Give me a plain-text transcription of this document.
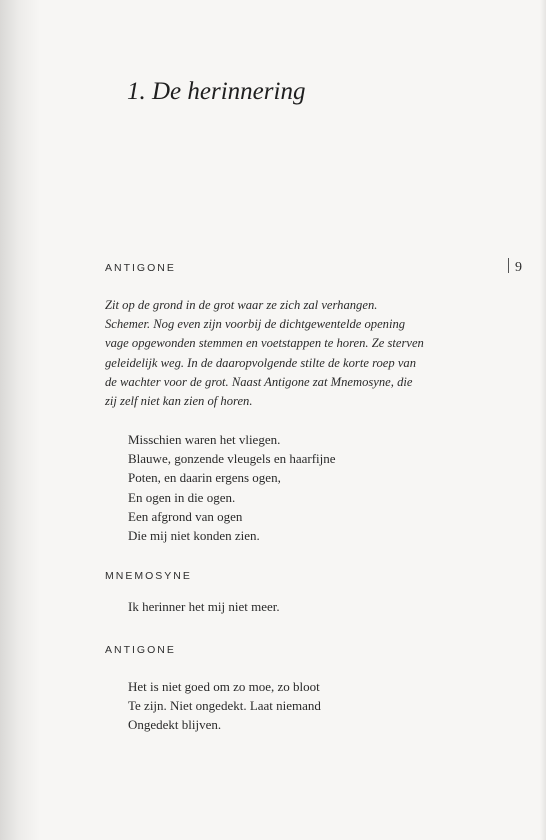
1. De herinnering
ANTIGONE	9
Zit op de grond in de grot waar ze zich zal verhangen.
Schemer. Nog even zijn voorbij de dichtgewentelde opening
vage opgewonden stemmen en voetstappen te horen. Ze sterven
geleidelijk weg. In de daaropvolgende stilte de korte roep van
de wachter voor de grot. Naast Antigone zat Mnemosyne, die
zij zelf niet kan zien of horen.
Misschien waren het vliegen.
Blauwe, gonzende vleugels en haarfijne
Poten, en daarin ergens ogen,
En ogen in die ogen.
Een afgrond van ogen
Die mij niet konden zien.
MNEMOSYNE
Ik herinner het mij niet meer.
ANTIGONE
Het is niet goed om zo moe, zo bloot
Te zijn. Niet ongedekt. Laat niemand
Ongedekt blijven.
